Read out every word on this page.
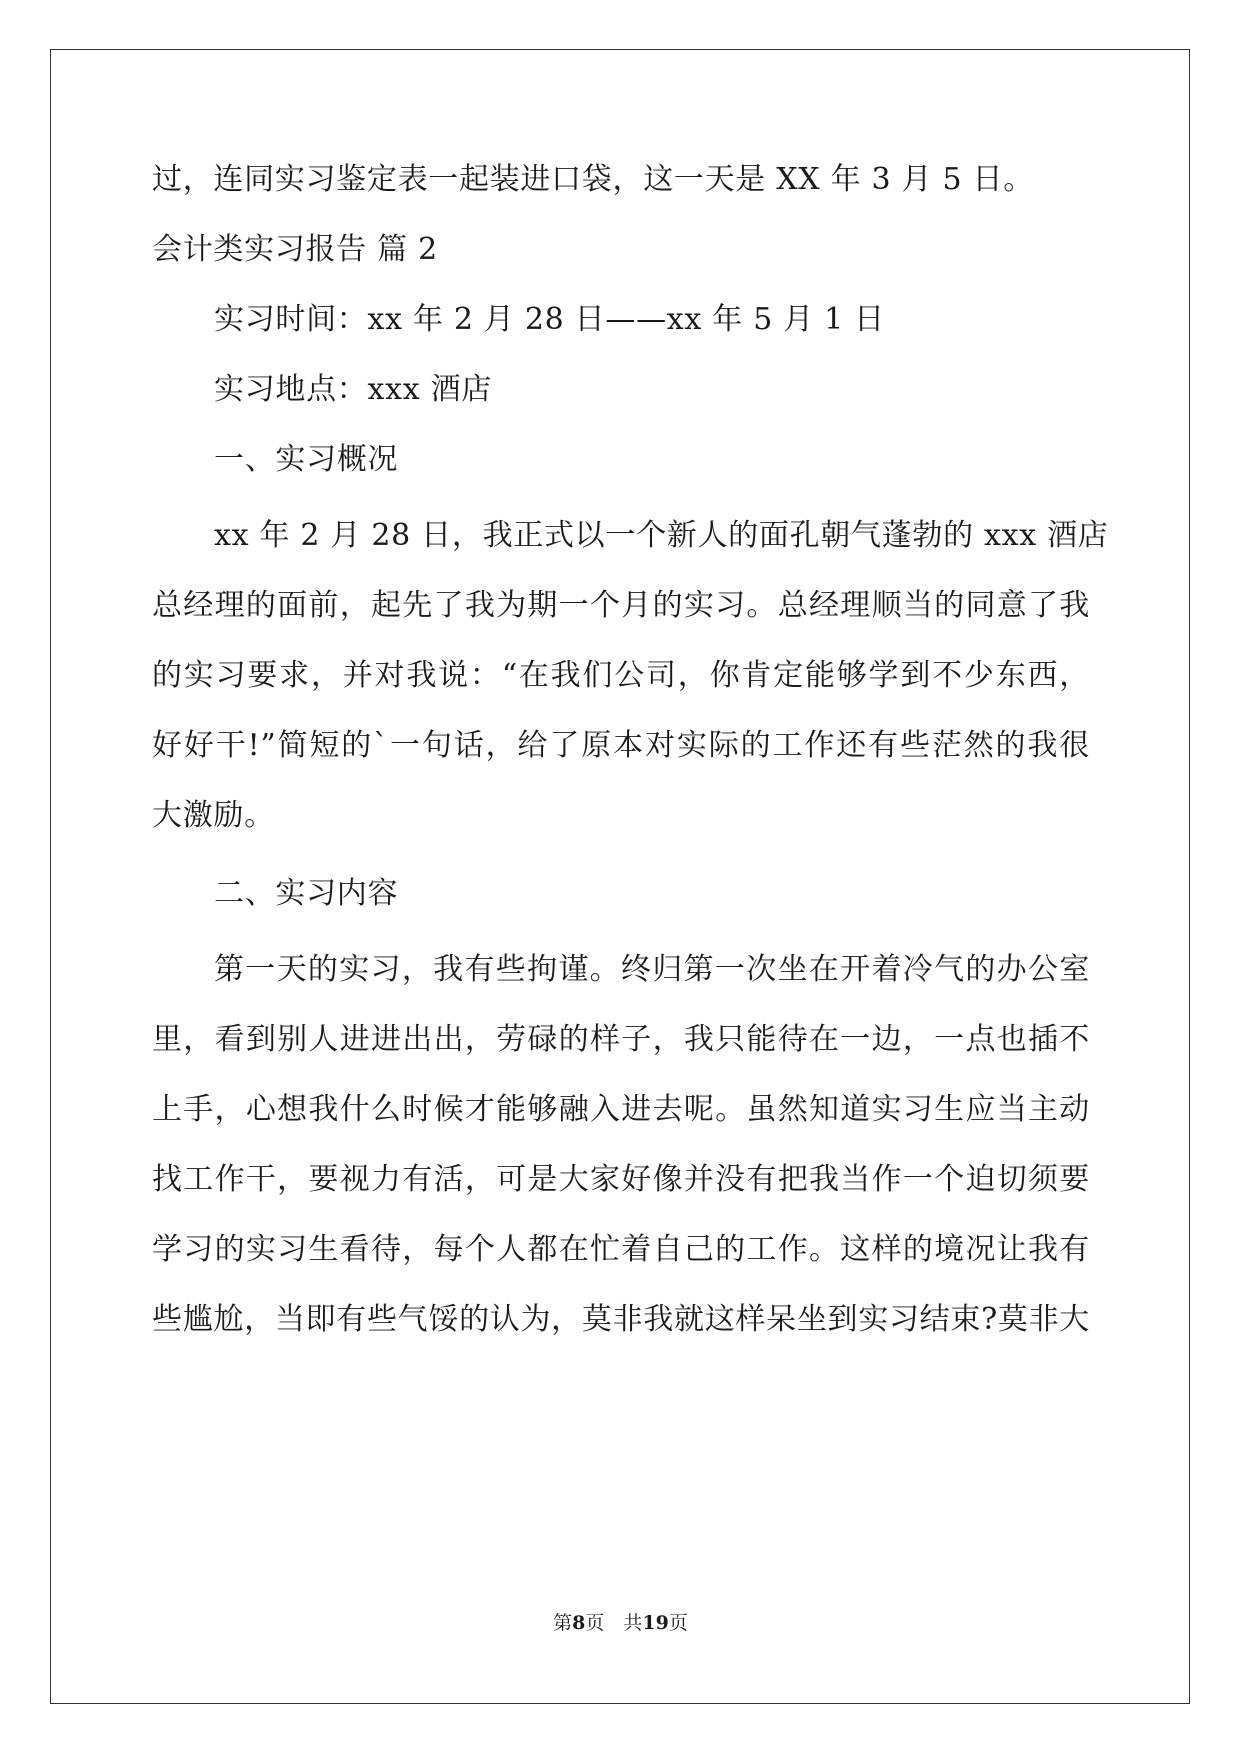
过，连同实习鉴定表一起装进口袋，这一天是 XX 年 3 月 5 日。
会计类实习报告 篇 2
实习时间：xx 年 2 月 28 日——xx 年 5 月 1 日
实习地点：xxx 酒店
一、实习概况
xx 年 2 月 28 日，我正式以一个新人的面孔朝气蓬勃的 xxx 酒店
总经理的面前，起先了我为期一个月的实习。总经理顺当的同意了我
的实习要求，并对我说：“在我们公司，你肯定能够学到不少东西，
好好干!”简短的`一句话，给了原本对实际的工作还有些茫然的我很
大激励。
二、实习内容
第一天的实习，我有些拘谨。终归第一次坐在开着冷气的办公室
里，看到别人进进出出，劳碌的样子，我只能待在一边，一点也插不
上手，心想我什么时候才能够融入进去呢。虽然知道实习生应当主动
找工作干，要视力有活，可是大家好像并没有把我当作一个迫切须要
学习的实习生看待，每个人都在忙着自己的工作。这样的境况让我有
些尴尬，当即有些气馁的认为，莫非我就这样呆坐到实习结束?莫非大
第8页　共19页
